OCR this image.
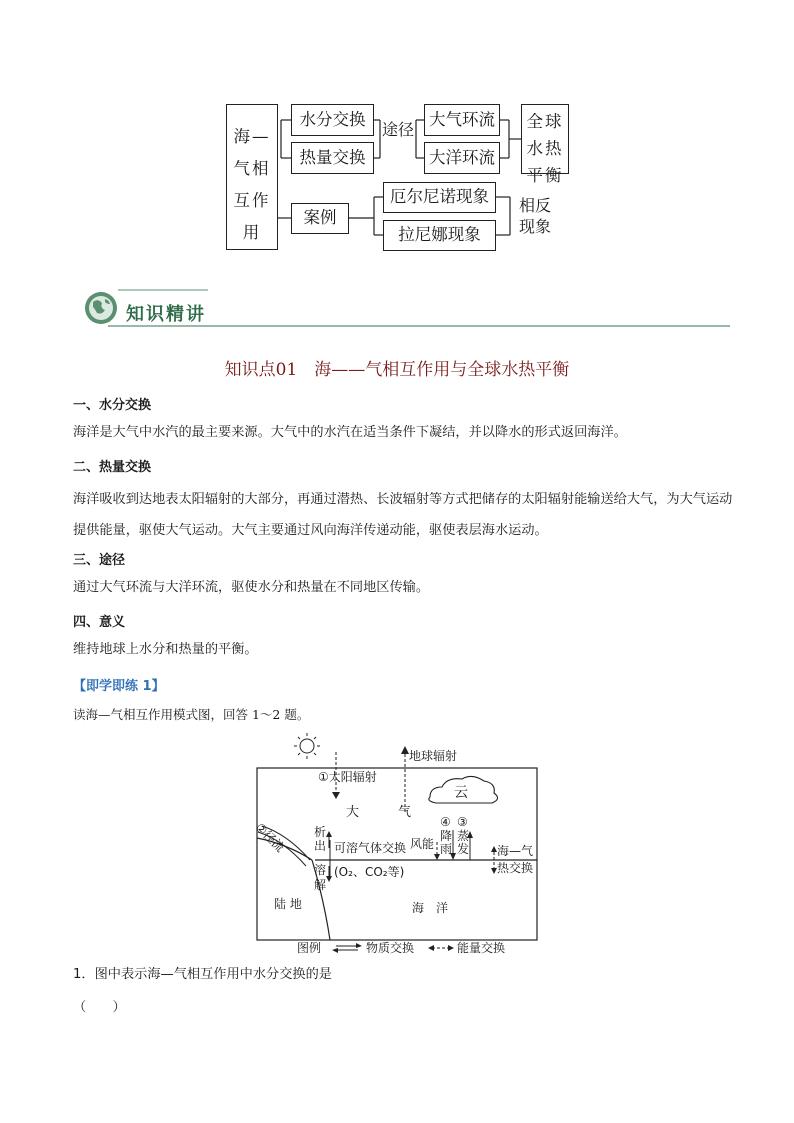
海—
气相
互作
用
水分交换
热量交换
途径
大气环流
大洋环流
全球
水热
平衡
案例
厄尔尼诺现象
拉尼娜现象
相反
现象
知识精讲
知识点01　海——气相互作用与全球水热平衡
一、水分交换
海洋是大气中水汽的最主要来源。大气中的水汽在适当条件下凝结，并以降水的形式返回海洋。
二、热量交换
海洋吸收到达地表太阳辐射的大部分，再通过潜热、长波辐射等方式把储存的太阳辐射能输送给大气，为大气运动提供能量，驱使大气运动。大气主要通过风向海洋传递动能，驱使表层海水运动。
三、途径
通过大气环流与大洋环流，驱使水分和热量在不同地区传输。
四、意义
维持地球上水分和热量的平衡。
【即学即练 1】
读海—气相互作用模式图，回答 1～2 题。
地球辐射
①太阳辐射
云
大	气
②径流 析
出 可溶气体交换 风能
④
降
雨
③
蒸
发 海—气
热交换
溶
解
(O₂、CO₂等)
陆 地	海　洋
图例	物质交换	能量交换
1．图中表示海—气相互作用中水分交换的是
（　　）
